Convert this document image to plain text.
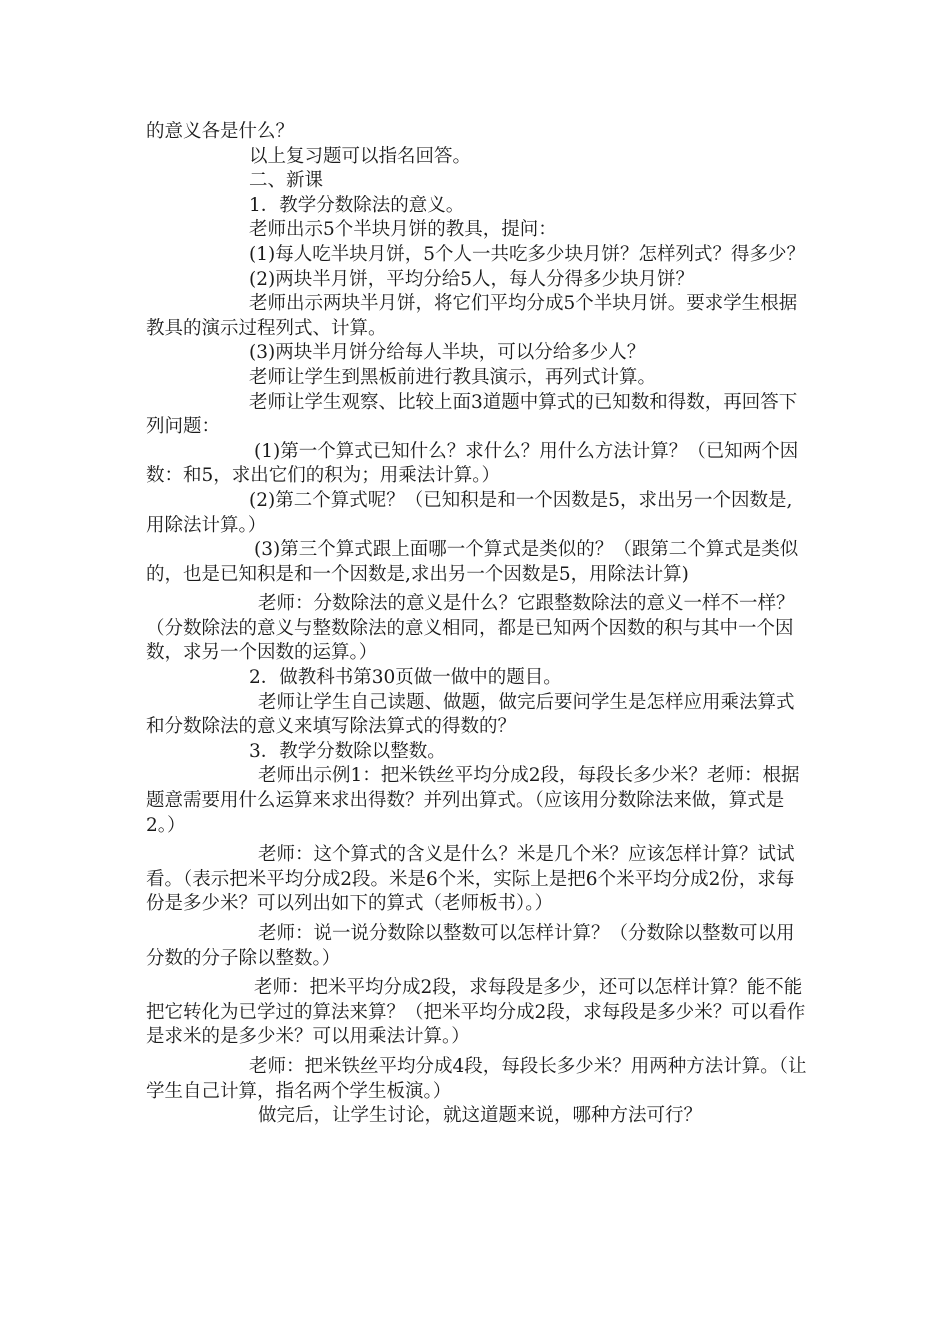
的意义各是什么？

以上复习题可以指名回答。

二、新课

1．教学分数除法的意义。

老师出示5个半块月饼的教具，提问：

(1)每人吃半块月饼，5个人一共吃多少块月饼？怎样列式？得多少？

(2)两块半月饼，平均分给5人，每人分得多少块月饼？

老师出示两块半月饼，将它们平均分成5个半块月饼。要求学生根据教具的演示过程列式、计算。

(3)两块半月饼分给每人半块，可以分给多少人？

老师让学生到黑板前进行教具演示，再列式计算。

老师让学生观察、比较上面3道题中算式的已知数和得数，再回答下列问题：

(1)第一个算式已知什么？求什么？用什么方法计算？（已知两个因数：和5，求出它们的积为；用乘法计算。）

(2)第二个算式呢？（已知积是和一个因数是5，求出另一个因数是,用除法计算。）

(3)第三个算式跟上面哪一个算式是类似的？（跟第二个算式是类似的，也是已知积是和一个因数是,求出另一个因数是5，用除法计算)

老师：分数除法的意义是什么？它跟整数除法的意义一样不一样？（分数除法的意义与整数除法的意义相同，都是已知两个因数的积与其中一个因数，求另一个因数的运算。）

2．做教科书第30页做一做中的题目。

老师让学生自己读题、做题，做完后要问学生是怎样应用乘法算式和分数除法的意义来填写除法算式的得数的？

3．教学分数除以整数。

老师出示例1：把米铁丝平均分成2段，每段长多少米？老师：根据题意需要用什么运算来求出得数？并列出算式。（应该用分数除法来做，算式是2。）

老师：这个算式的含义是什么？米是几个米？应该怎样计算？试试看。（表示把米平均分成2段。米是6个米，实际上是把6个米平均分成2份，求每份是多少米？可以列出如下的算式（老师板书）。）

老师：说一说分数除以整数可以怎样计算？（分数除以整数可以用分数的分子除以整数。）

老师：把米平均分成2段，求每段是多少，还可以怎样计算？能不能把它转化为已学过的算法来算？（把米平均分成2段，求每段是多少米？可以看作是求米的是多少米？可以用乘法计算。）

老师：把米铁丝平均分成4段，每段长多少米？用两种方法计算。（让学生自己计算，指名两个学生板演。）

做完后，让学生讨论，就这道题来说，哪种方法可行？
